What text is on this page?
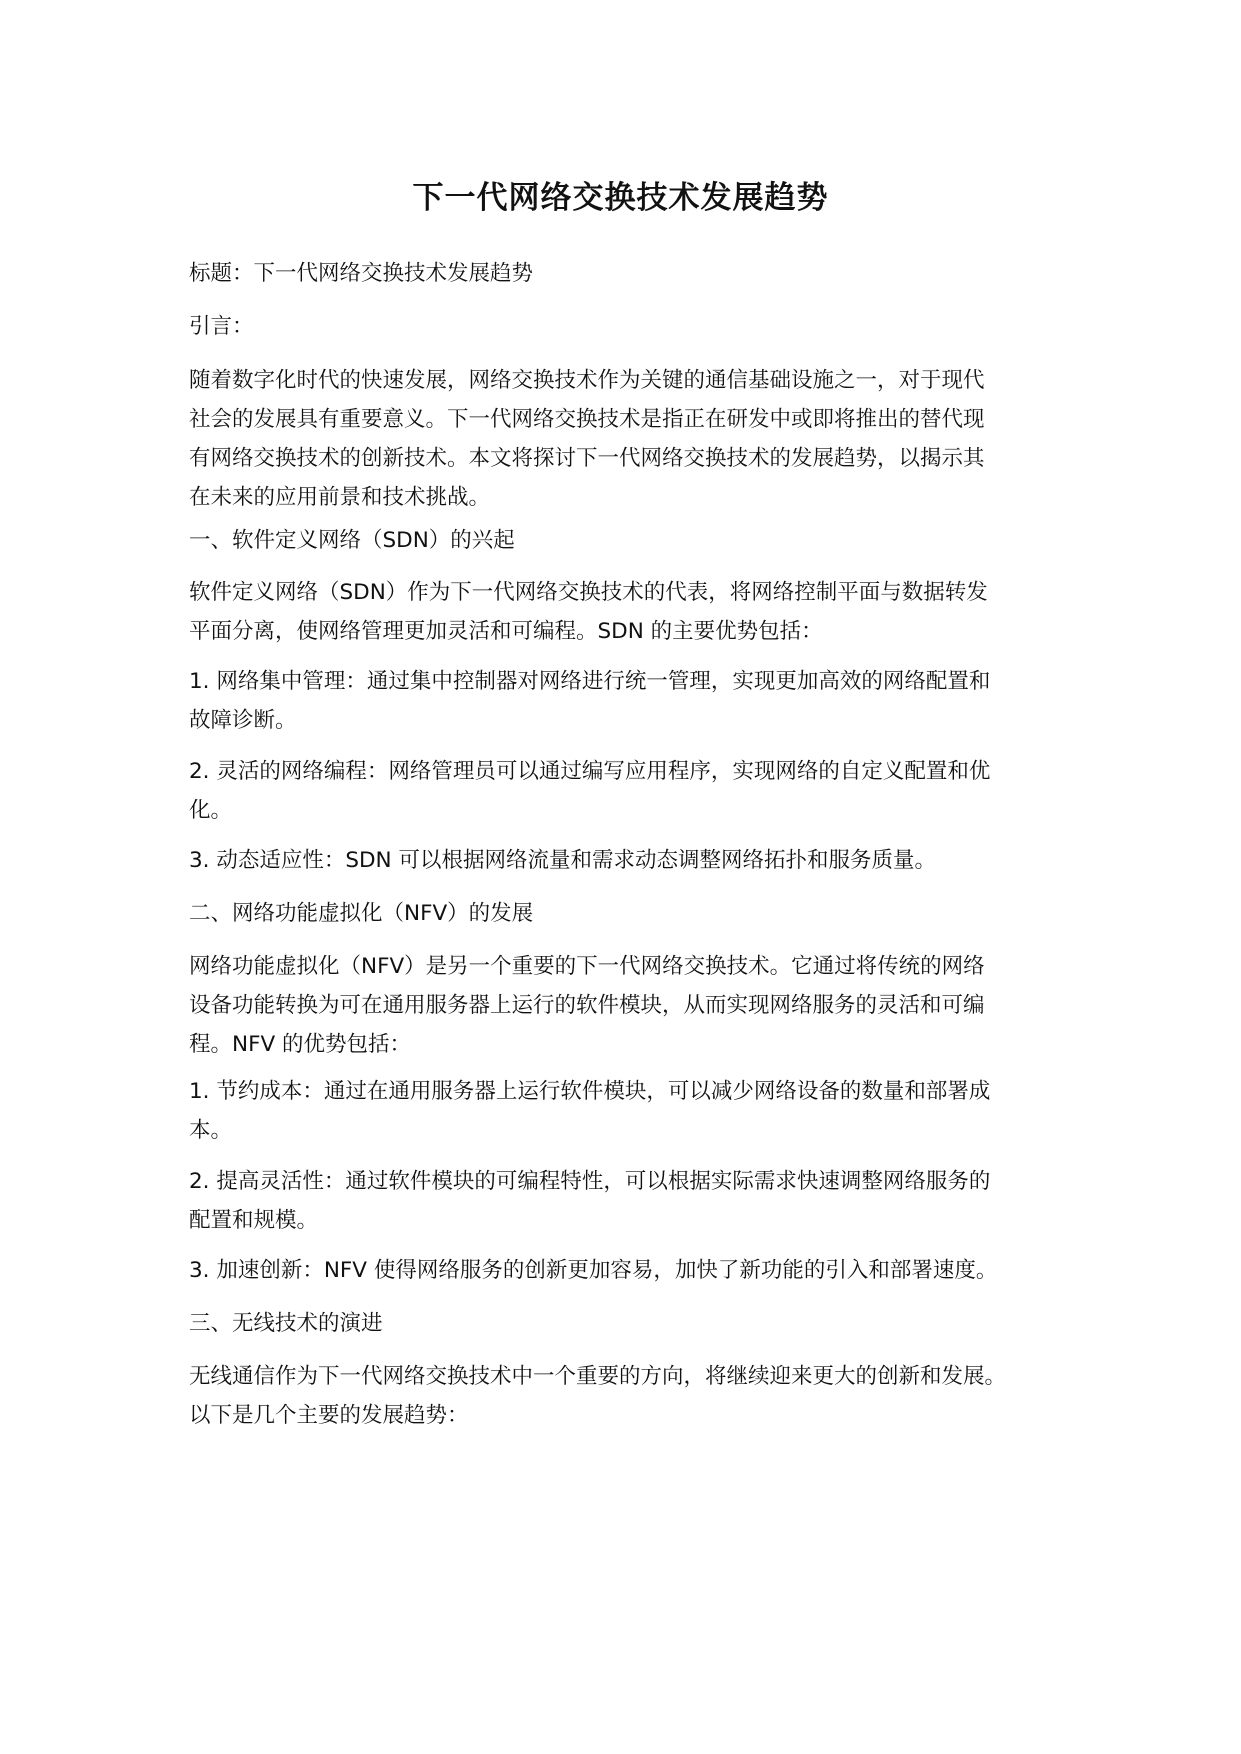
下一代网络交换技术发展趋势

标题：下一代网络交换技术发展趋势

引言：

随着数字化时代的快速发展，网络交换技术作为关键的通信基础设施之一，对于现代
社会的发展具有重要意义。下一代网络交换技术是指正在研发中或即将推出的替代现
有网络交换技术的创新技术。本文将探讨下一代网络交换技术的发展趋势，以揭示其
在未来的应用前景和技术挑战。

一、软件定义网络（SDN）的兴起

软件定义网络（SDN）作为下一代网络交换技术的代表，将网络控制平面与数据转发
平面分离，使网络管理更加灵活和可编程。SDN 的主要优势包括：

1. 网络集中管理：通过集中控制器对网络进行统一管理，实现更加高效的网络配置和
故障诊断。

2. 灵活的网络编程：网络管理员可以通过编写应用程序，实现网络的自定义配置和优
化。

3. 动态适应性：SDN 可以根据网络流量和需求动态调整网络拓扑和服务质量。

二、网络功能虚拟化（NFV）的发展

网络功能虚拟化（NFV）是另一个重要的下一代网络交换技术。它通过将传统的网络
设备功能转换为可在通用服务器上运行的软件模块，从而实现网络服务的灵活和可编
程。NFV 的优势包括：

1. 节约成本：通过在通用服务器上运行软件模块，可以减少网络设备的数量和部署成
本。

2. 提高灵活性：通过软件模块的可编程特性，可以根据实际需求快速调整网络服务的
配置和规模。

3. 加速创新：NFV 使得网络服务的创新更加容易，加快了新功能的引入和部署速度。

三、无线技术的演进

无线通信作为下一代网络交换技术中一个重要的方向，将继续迎来更大的创新和发展。
以下是几个主要的发展趋势：
